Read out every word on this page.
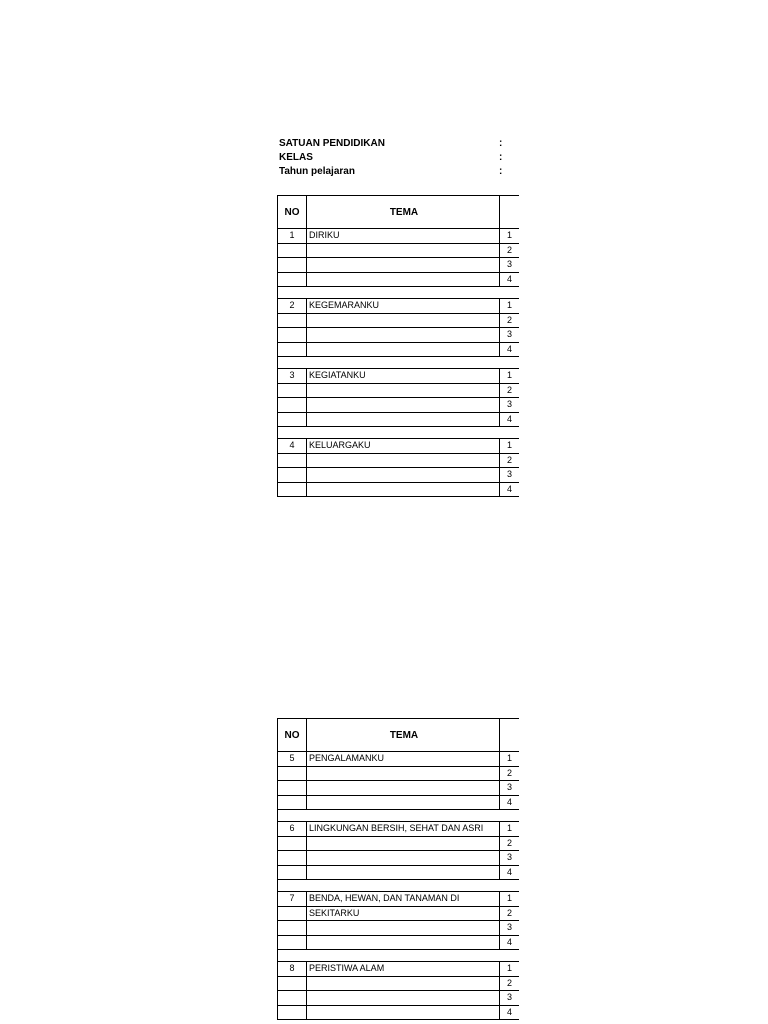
SATUAN PENDIDIKAN	:
KELAS	:
Tahun pelajaran	:
NO	TEMA	
1	DIRIKU	1
		2
		3
		4

2	KEGEMARANKU	1
		2
		3
		4

3	KEGIATANKU	1
		2
		3
		4

4	KELUARGAKU	1
		2
		3
		4
NO	TEMA	
5	PENGALAMANKU	1
		2
		3
		4

6	LINGKUNGAN BERSIH, SEHAT DAN ASRI	1
		2
		3
		4

7	BENDA, HEWAN, DAN TANAMAN DI	1
	SEKITARKU	2
		3
		4

8	PERISTIWA ALAM	1
		2
		3
		4
